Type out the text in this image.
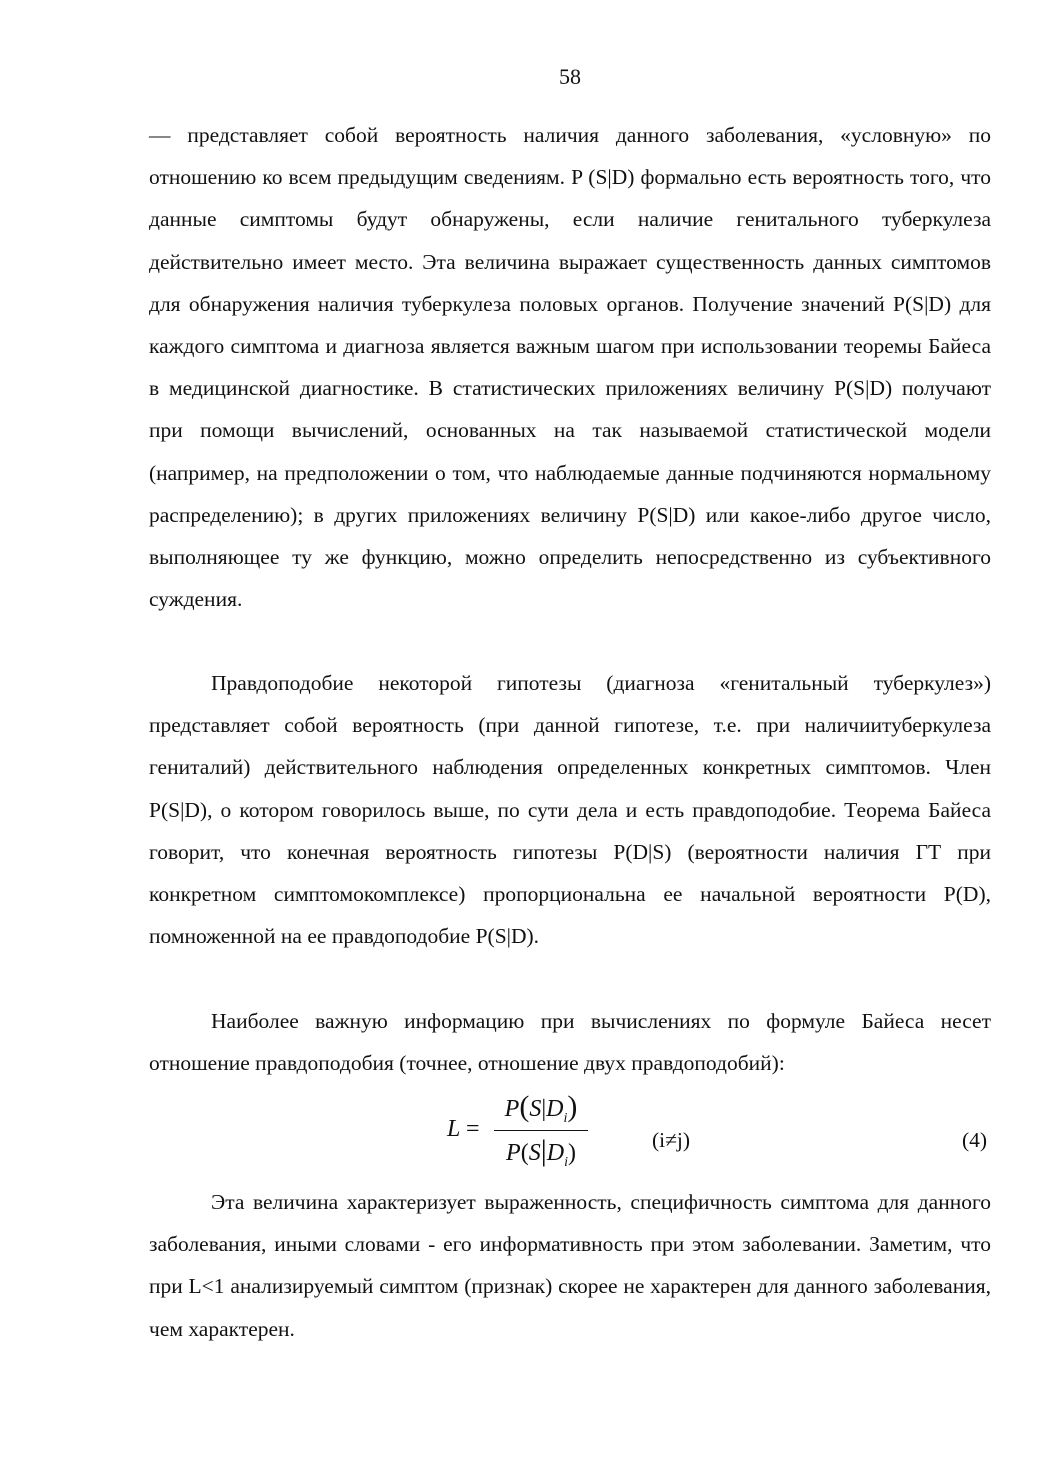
58

— представляет собой вероятность наличия данного заболевания, «условную» по отношению ко всем предыдущим сведениям. P (S|D) формально есть вероятность того, что данные симптомы будут обнаружены, если наличие генитального туберкулеза действительно имеет место. Эта величина выражает существенность данных симптомов для обнаружения наличия туберкулеза половых органов. Получение значений P(S|D) для каждого симптома и диагноза является важным шагом при использовании теоремы Байеса в медицинской диагностике. В статистических приложениях величину P(S|D) получают при помощи вычислений, основанных на так называемой статистической модели (например, на предположении о том, что наблюдаемые данные подчиняются нормальному распределению); в других приложениях величину P(S|D) или какое-либо другое число, выполняющее ту же функцию, можно определить непосредственно из субъективного суждения.

Правдоподобие некоторой гипотезы (диагноза «генитальный туберкулез») представляет собой вероятность (при данной гипотезе, т.е. при наличиитуберкулеза гениталий) действительного наблюдения определенных конкретных симптомов. Член P(S|D), о котором говорилось выше, по сути дела и есть правдоподобие. Теорема Байеса говорит, что конечная вероятность гипотезы P(D|S) (вероятности наличия ГТ при конкретном симптомокомплексе) пропорциональна ее начальной вероятности P(D), помноженной на ее правдоподобие P(S|D).

Наиболее важную информацию при вычислениях по формуле Байеса несет отношение правдоподобия (точнее, отношение двух правдоподобий):

L =
$P(S|D_i)$
$P(S|D_i)$	(i≠j)	(4)

Эта величина характеризует выраженность, специфичность симптома для данного заболевания, иными словами - его информативность при этом заболевании. Заметим, что при L<1 анализируемый симптом (признак) скорее не характерен для данного заболевания, чем характерен.
